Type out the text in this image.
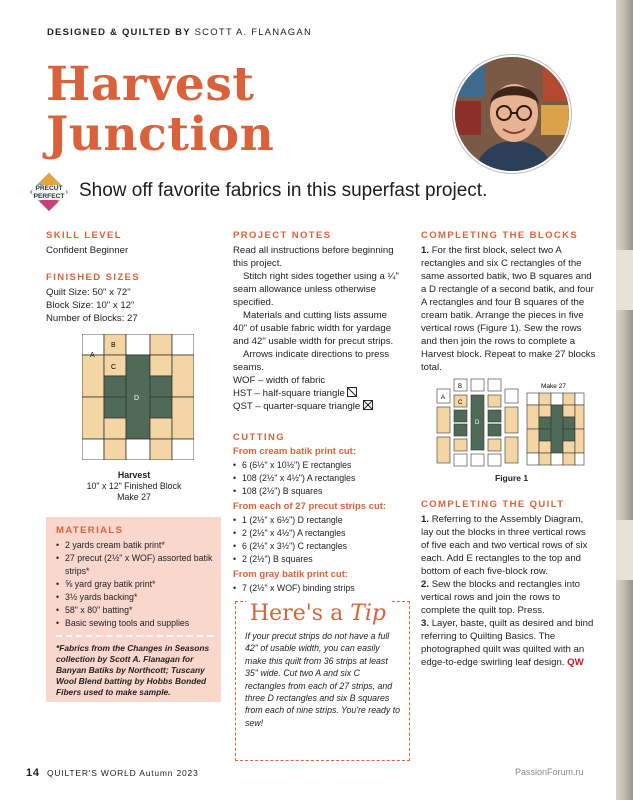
DESIGNED & QUILTED BY SCOTT A. FLANAGAN
Harvest
Junction
PRECUT
PERFECT Show off favorite fabrics in this superfast project.
SKILL LEVEL
Confident Beginner
FINISHED SIZES
Quilt Size: 50" x 72"
Block Size: 10" x 12"
Number of Blocks: 27
A
B
C
D
Harvest
10" x 12" Finished Block
Make 27
MATERIALS
• 2 yards cream batik print*
• 27 precut (2½" x WOF) assorted batik strips*
• ⅝ yard gray batik print*
• 3½ yards backing*
• 58" x 80" batting*
• Basic sewing tools and supplies
*Fabrics from the Changes in Seasons collection by Scott A. Flanagan for Banyan Batiks by Northcott; Tuscany Wool Blend batting by Hobbs Bonded Fibers used to make sample.
PROJECT NOTES
Read all instructions before beginning this project.
Stitch right sides together using a ¼" seam allowance unless otherwise specified.
Materials and cutting lists assume 40" of usable fabric width for yardage and 42" usable width for precut strips.
Arrows indicate directions to press seams.
WOF – width of fabric
HST – half-square triangle
QST – quarter-square triangle
CUTTING
From cream batik print cut:
• 6 (6½" x 10½") E rectangles
• 108 (2½" x 4½") A rectangles
• 108 (2½") B squares
From each of 27 precut strips cut:
• 1 (2½" x 6½") D rectangle
• 2 (2½" x 4½") A rectangles
• 6 (2½" x 3½") C rectangles
• 2 (2½") B squares
From gray batik print cut:
• 7 (2½" x WOF) binding strips

If your precut strips do not have a full 42" of usable width, you can easily make this quilt from 36 strips at least 35" wide. Cut two A and six C rectangles from each of 27 strips, and three D rectangles and six B squares from each of nine strips. You're ready to sew!

Here's a Tip
COMPLETING THE BLOCKS
1. For the first block, select two A rectangles and six C rectangles of the same assorted batik, two B squares and a D rectangle of a second batik, and four A rectangles and four B squares of the cream batik. Arrange the pieces in five vertical rows (Figure 1). Sew the rows and then join the rows to complete a Harvest block. Repeat to make 27 blocks total.
B
A
C
D
Make 27
Figure 1
COMPLETING THE QUILT
1. Referring to the Assembly Diagram, lay out the blocks in three vertical rows of five each and two vertical rows of six each. Add E rectangles to the top and bottom of each five-block row.
2. Sew the blocks and rectangles into vertical rows and join the rows to complete the quilt top. Press.
3. Layer, baste, quilt as desired and bind referring to Quilting Basics. The photographed quilt was quilted with an edge-to-edge swirling leaf design. QW
14 QUILTER'S WORLD Autumn 2023	PassionForum.ru
